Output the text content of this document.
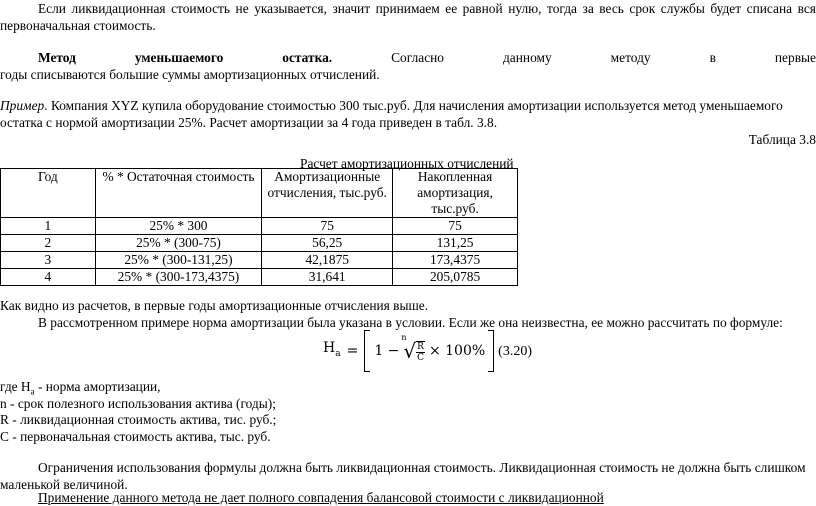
Если ликвидационная стоимость не указывается, значит принимаем ее равной нулю, тогда за весь срок службы будет списана вся
первоначальная стоимость.
Метод	уменьшаемого	остатка.	Согласно	данному	методу	в	первые
годы списываются большие суммы амортизационных отчислений.
Пример. Компания XYZ купила оборудование стоимостью 300 тыс.руб. Для начисления амортизации используется метод уменьшаемого
остатка с нормой амортизации 25%. Расчет амортизации за 4 года приведен в табл. 3.8.
Таблица 3.8
Расчет амортизационных отчислений
Год	% * Остаточная стоимость	Амортизационные отчисления, тыс.руб.	Накопленная амортизация, тыс.руб.
1	25% * 300	75	75
2	25% * (300-75)	56,25	131,25
3	25% * (300-131,25)	42,1875	173,4375
4	25% * (300-173,4375)	31,641	205,0785
Как видно из расчетов, в первые годы амортизационные отчисления выше.
В рассмотренном примере норма амортизации была указана в условии. Если же она неизвестна, ее можно рассчитать по формуле:
$Н_a = 1$ −
n
√ $\frac{R}{C} \times 100\%$ (3.20)
где $Н_а$ - норма амортизации,
n - срок полезного использования актива (годы);
R - ликвидационная стоимость актива, тис. руб.;
С - первоначальная стоимость актива, тыс. руб.
Ограничения использования формулы должна быть ликвидационная стоимость. Ликвидационная стоимость не должна быть слишком
маленькой величиной.
Применение данного метода не дает полного совпадения балансовой стоимости с ликвидационной
